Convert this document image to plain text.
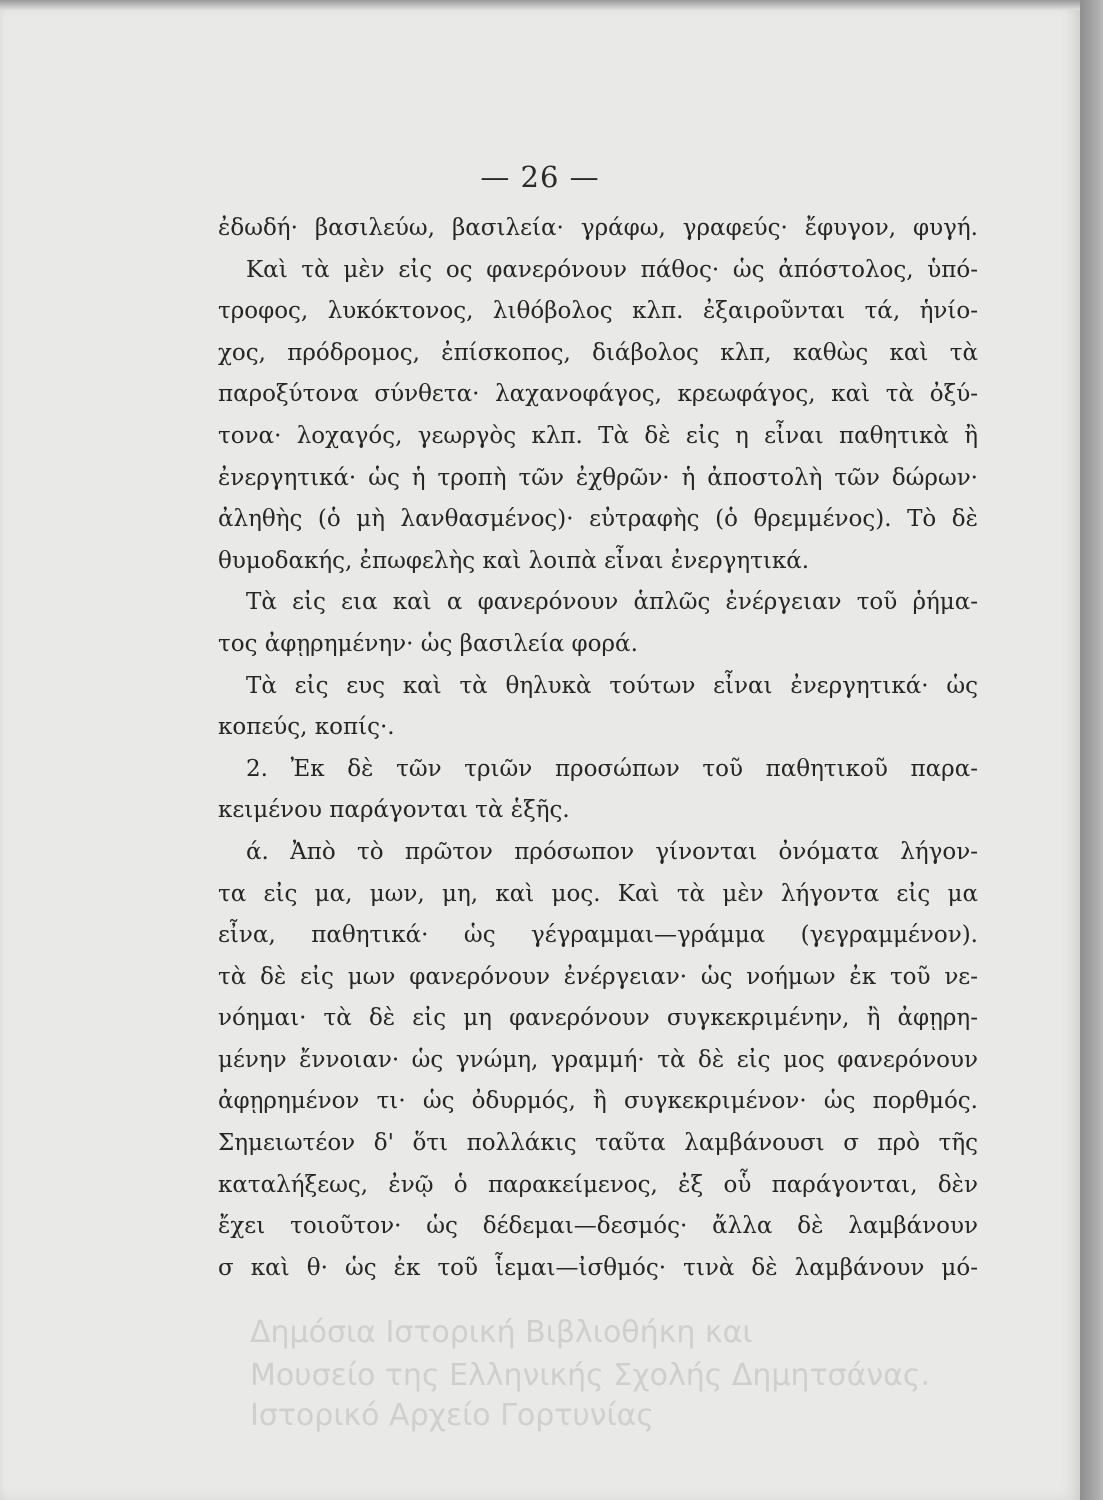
— 26 —
ἐδωδή· βασιλεύω, βασιλεία· γράφω, γραφεύς· ἔφυγον, φυγή.
Καὶ τὰ μὲν εἰς ος φανερόνουν πάθος· ὡς ἀπόστολος, ὑπό-
τροφος, λυκόκτονος, λιθόβολος κλπ. ἐξαιροῦνται τά, ἡνίο-
χος, πρόδρομος, ἐπίσκοπος, διάβολος κλπ, καθὼς καὶ τὰ
παροξύτονα σύνθετα· λαχανοφάγος, κρεωφάγος, καὶ τὰ ὀξύ-
τονα· λοχαγός, γεωργὸς κλπ. Τὰ δὲ εἰς η εἶναι παθητικὰ ἢ
ἐνεργητικά· ὡς ἡ τροπὴ τῶν ἐχθρῶν· ἡ ἀποστολὴ τῶν δώρων·
ἀληθὴς (ὁ μὴ λανθασμένος)· εὐτραφὴς (ὁ θρεμμένος). Τὸ δὲ
θυμοδακής, ἐπωφελὴς καὶ λοιπὰ εἶναι ἐνεργητικά.
Τὰ εἰς εια καὶ α φανερόνουν ἁπλῶς ἐνέργειαν τοῦ ῥήμα-
τος ἀφῃρημένην· ὡς βασιλεία φορά.
Τὰ εἰς ευς καὶ τὰ θηλυκὰ τούτων εἶναι ἐνεργητικά· ὡς
κοπεύς, κοπίς·.
2. Ἐκ δὲ τῶν τριῶν προσώπων τοῦ παθητικοῦ παρα-
κειμένου παράγονται τὰ ἑξῆς.
ά. Ἀπὸ τὸ πρῶτον πρόσωπον γίνονται ὀνόματα λήγον-
τα εἰς μα, μων, μη, καὶ μος. Καὶ τὰ μὲν λήγοντα εἰς μα
εἶνα, παθητικά· ὡς γέγραμμαι—γράμμα (γεγραμμένον).
τὰ δὲ εἰς μων φανερόνουν ἐνέργειαν· ὡς νοήμων ἐκ τοῦ νε-
νόημαι· τὰ δὲ εἰς μη φανερόνουν συγκεκριμένην, ἢ ἀφῃρη-
μένην ἔννοιαν· ὡς γνώμη, γραμμή· τὰ δὲ εἰς μος φανερόνουν
ἀφῃρημένον τι· ὡς ὀδυρμός, ἢ συγκεκριμένον· ὡς πορθμός.
Σημειωτέον δ' ὅτι πολλάκις ταῦτα λαμβάνουσι σ πρὸ τῆς
καταλήξεως, ἐνῷ ὁ παρακείμενος, ἐξ οὗ παράγονται, δὲν
ἔχει τοιοῦτον· ὡς δέδεμαι—δεσμός· ἄλλα δὲ λαμβάνουν
σ καὶ θ· ὡς ἐκ τοῦ ἷεμαι—ἰσθμός· τινὰ δὲ λαμβάνουν μό-
Δημόσια Ιστορική Βιβλιοθήκη και
Μουσείο της Ελληνικής Σχολής Δημητσάνας.
Ιστορικό Αρχείο Γορτυνίας
